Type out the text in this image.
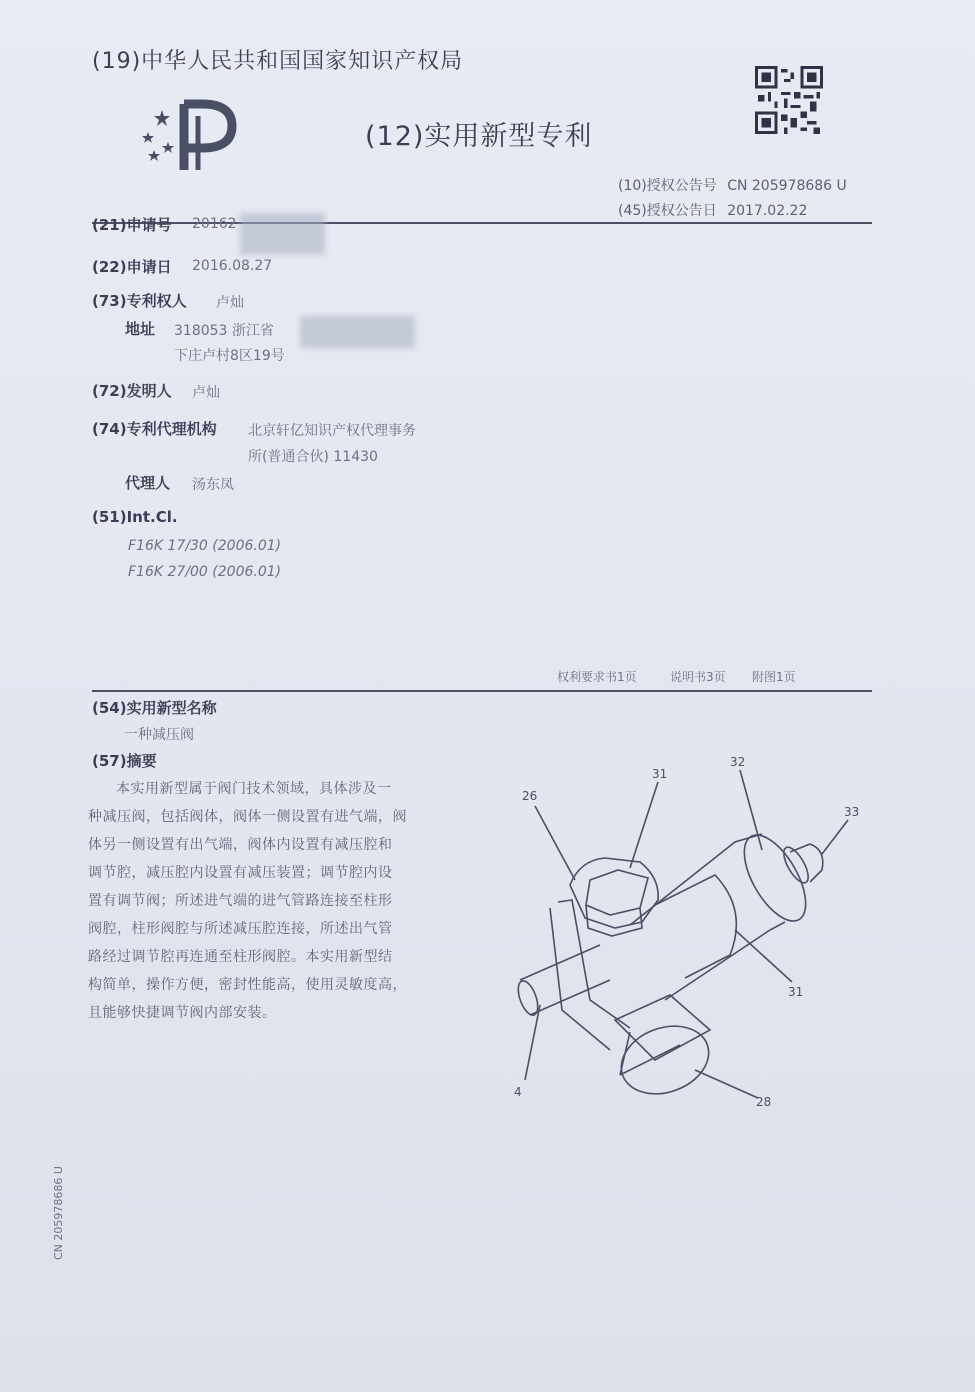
(19)中华人民共和国国家知识产权局
(12)实用新型专利
(10)授权公告号 CN 205978686 U
(45)授权公告日 2017.02.22
(21)申请号 20162
(22)申请日 2016.08.27
(73)专利权人 卢灿
地址 318053 浙江省
下庄卢村8区19号
(72)发明人 卢灿
(74)专利代理机构 北京轩亿知识产权代理事务
所(普通合伙) 11430
代理人 汤东凤
(51)Int.Cl.
F16K 17/30 (2006.01)
F16K 27/00 (2006.01)
权利要求书1页	说明书3页 附图1页
(54)实用新型名称
一种减压阀
(57)摘要
本实用新型属于阀门技术领域，具体涉及一
种减压阀，包括阀体，阀体一侧设置有进气端，阀
体另一侧设置有出气端，阀体内设置有减压腔和
调节腔，减压腔内设置有减压装置；调节腔内设
置有调节阀；所述进气端的进气管路连接至柱形
阀腔，柱形阀腔与所述减压腔连接，所述出气管
路经过调节腔再连通至柱形阀腔。本实用新型结
构简单，操作方便，密封性能高，使用灵敏度高，
且能够快捷调节阀内部安装。
26
31
32
33
31
28
4
CN 205978686 U
